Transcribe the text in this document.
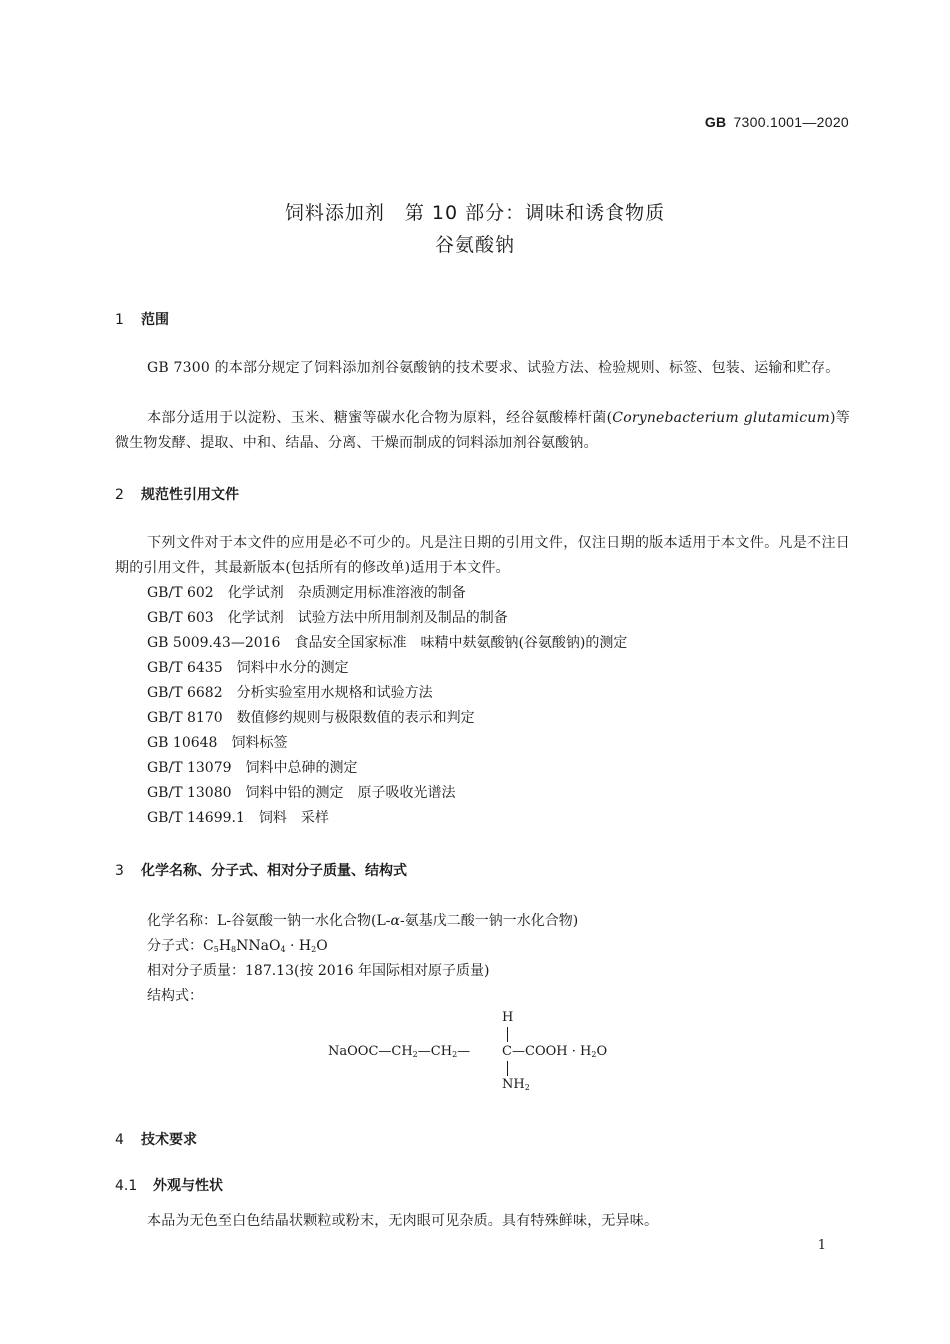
GB 7300.1001—2020
饲料添加剂　第 10 部分：调味和诱食物质
谷氨酸钠
1 范围
GB 7300 的本部分规定了饲料添加剂谷氨酸钠的技术要求、试验方法、检验规则、标签、包装、运输和贮存。
本部分适用于以淀粉、玉米、糖蜜等碳水化合物为原料，经谷氨酸棒杆菌(Corynebacterium glutamicum)等微生物发酵、提取、中和、结晶、分离、干燥而制成的饲料添加剂谷氨酸钠。
2 规范性引用文件
下列文件对于本文件的应用是必不可少的。凡是注日期的引用文件，仅注日期的版本适用于本文件。凡是不注日期的引用文件，其最新版本(包括所有的修改单)适用于本文件。
GB/T 602 化学试剂 杂质测定用标准溶液的制备
GB/T 603 化学试剂 试验方法中所用制剂及制品的制备
GB 5009.43—2016 食品安全国家标准 味精中麸氨酸钠(谷氨酸钠)的测定
GB/T 6435 饲料中水分的测定
GB/T 6682 分析实验室用水规格和试验方法
GB/T 8170 数值修约规则与极限数值的表示和判定
GB 10648 饲料标签
GB/T 13079 饲料中总砷的测定
GB/T 13080 饲料中铅的测定 原子吸收光谱法
GB/T 14699.1 饲料 采样
3 化学名称、分子式、相对分子质量、结构式
化学名称：L-谷氨酸一钠一水化合物(L-α-氨基戊二酸一钠一水化合物)
分子式：$C_5H_8NNaO_4 \cdot H_2O$
相对分子质量：187.13(按 2016 年国际相对原子质量)
结构式：
H
$NaOOC—CH_2—CH_2—$ C —COOH · $H_2O$
$NH_2$
4 技术要求
4.1 外观与性状
本品为无色至白色结晶状颗粒或粉末，无肉眼可见杂质。具有特殊鲜味，无异味。
1
